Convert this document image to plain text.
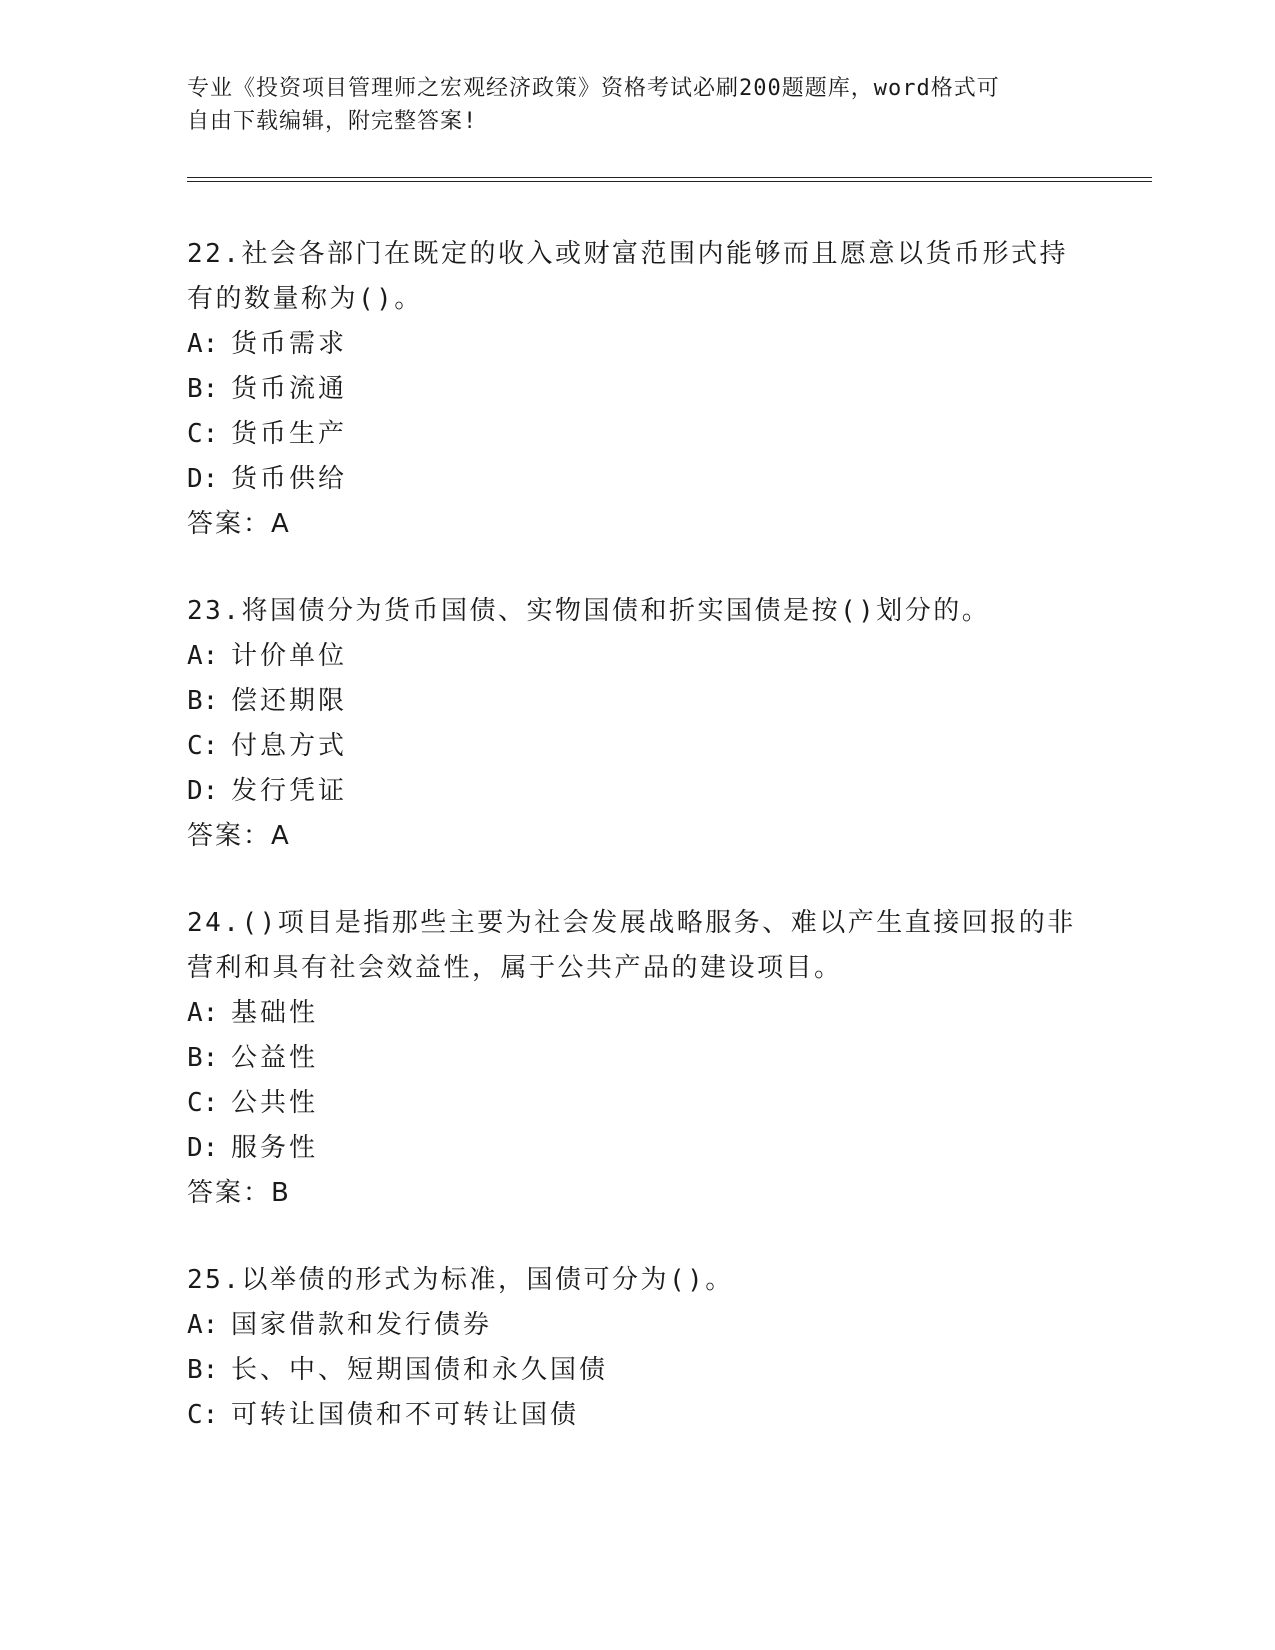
专业《投资项目管理师之宏观经济政策》资格考试必刷200题题库，word格式可
自由下载编辑，附完整答案!
22.社会各部门在既定的收入或财富范围内能够而且愿意以货币形式持
有的数量称为()。
A: 货币需求
B: 货币流通
C: 货币生产
D: 货币供给
答案：A
23.将国债分为货币国债、实物国债和折实国债是按()划分的。
A: 计价单位
B: 偿还期限
C: 付息方式
D: 发行凭证
答案：A
24.()项目是指那些主要为社会发展战略服务、难以产生直接回报的非
营利和具有社会效益性，属于公共产品的建设项目。
A: 基础性
B: 公益性
C: 公共性
D: 服务性
答案：B
25.以举债的形式为标准，国债可分为()。
A: 国家借款和发行债券
B: 长、中、短期国债和永久国债
C: 可转让国债和不可转让国债
